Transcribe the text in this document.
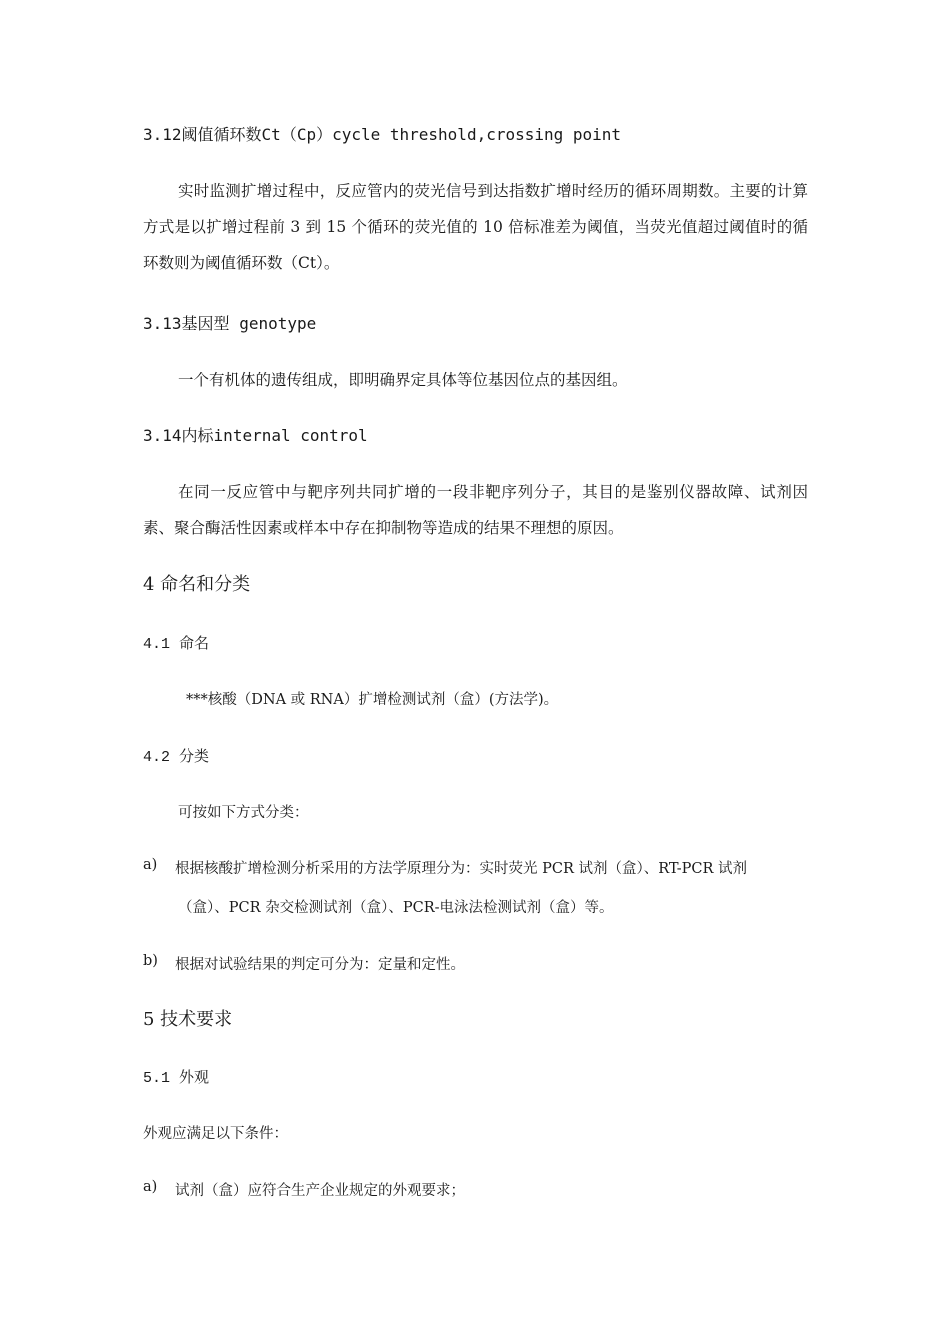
3.12阈值循环数Ct（Cp）cycle threshold,crossing point
实时监测扩增过程中，反应管内的荧光信号到达指数扩增时经历的循环周期数。主要的计算方式是以扩增过程前 3 到 15 个循环的荧光值的 10 倍标准差为阈值，当荧光值超过阈值时的循环数则为阈值循环数（Ct）。
3.13基因型 genotype
一个有机体的遗传组成，即明确界定具体等位基因位点的基因组。
3.14内标internal control
在同一反应管中与靶序列共同扩增的一段非靶序列分子，其目的是鉴别仪器故障、试剂因素、聚合酶活性因素或样本中存在抑制物等造成的结果不理想的原因。
4 命名和分类
4.1 命名
***核酸（DNA 或 RNA）扩增检测试剂（盒）(方法学)。
4.2 分类
可按如下方式分类：
a) 根据核酸扩增检测分析采用的方法学原理分为：实时荧光 PCR 试剂（盒）、RT-PCR 试剂
（盒）、PCR 杂交检测试剂（盒）、PCR-电泳法检测试剂（盒）等。
b) 根据对试验结果的判定可分为：定量和定性。
5 技术要求
5.1 外观
外观应满足以下条件：
a) 试剂（盒）应符合生产企业规定的外观要求；
